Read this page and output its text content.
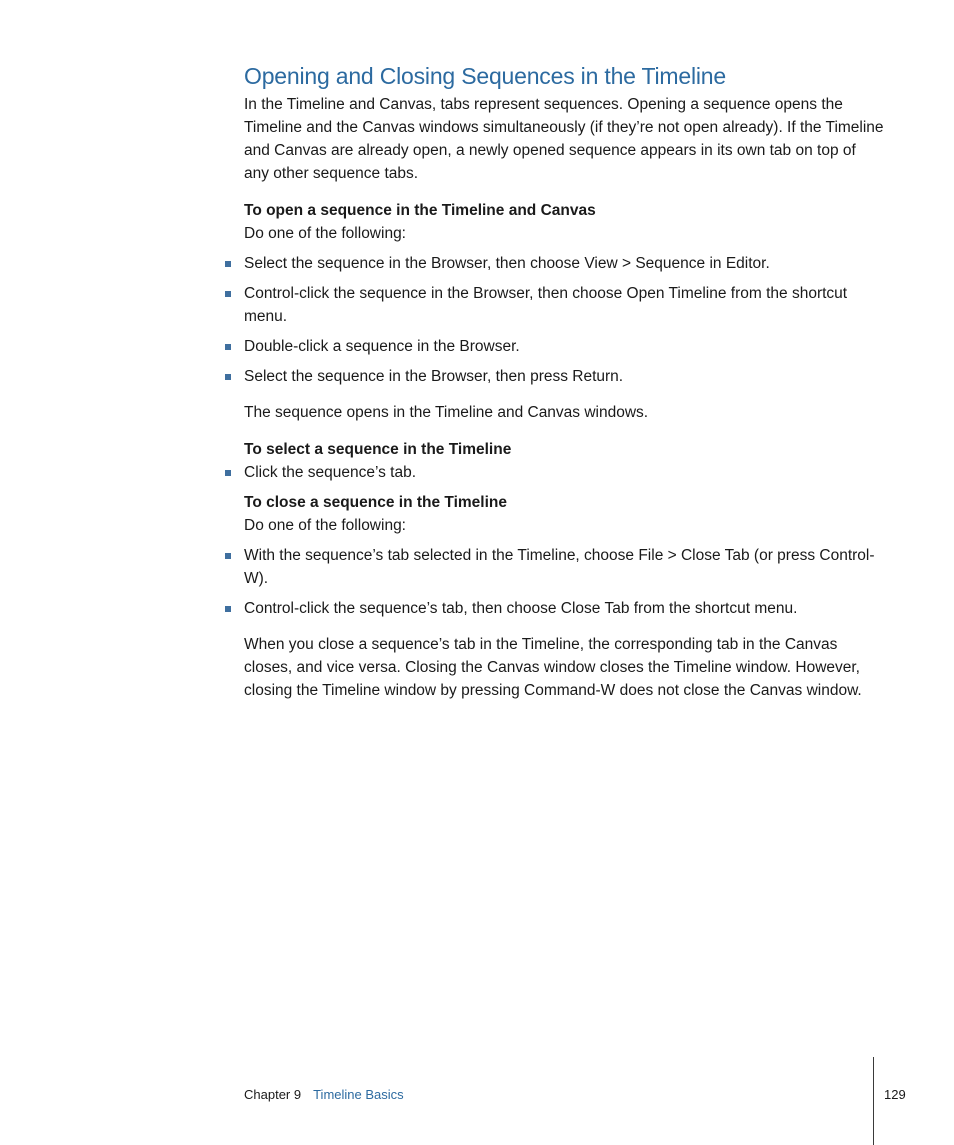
Opening and Closing Sequences in the Timeline

In the Timeline and Canvas, tabs represent sequences. Opening a sequence opens the Timeline and the Canvas windows simultaneously (if they’re not open already). If the Timeline and Canvas are already open, a newly opened sequence appears in its own tab on top of any other sequence tabs.

To open a sequence in the Timeline and Canvas

Do one of the following:

Select the sequence in the Browser, then choose View > Sequence in Editor.
Control-click the sequence in the Browser, then choose Open Timeline from the shortcut menu.
Double-click a sequence in the Browser.
Select the sequence in the Browser, then press Return.

The sequence opens in the Timeline and Canvas windows.

To select a sequence in the Timeline
Click the sequence’s tab.
To close a sequence in the Timeline

Do one of the following:

With the sequence’s tab selected in the Timeline, choose File > Close Tab (or press Control-W).
Control-click the sequence’s tab, then choose Close Tab from the shortcut menu.

When you close a sequence’s tab in the Timeline, the corresponding tab in the Canvas closes, and vice versa. Closing the Canvas window closes the Timeline window. However, closing the Timeline window by pressing Command-W does not close the Canvas window.

Chapter 9 Timeline Basics	129
